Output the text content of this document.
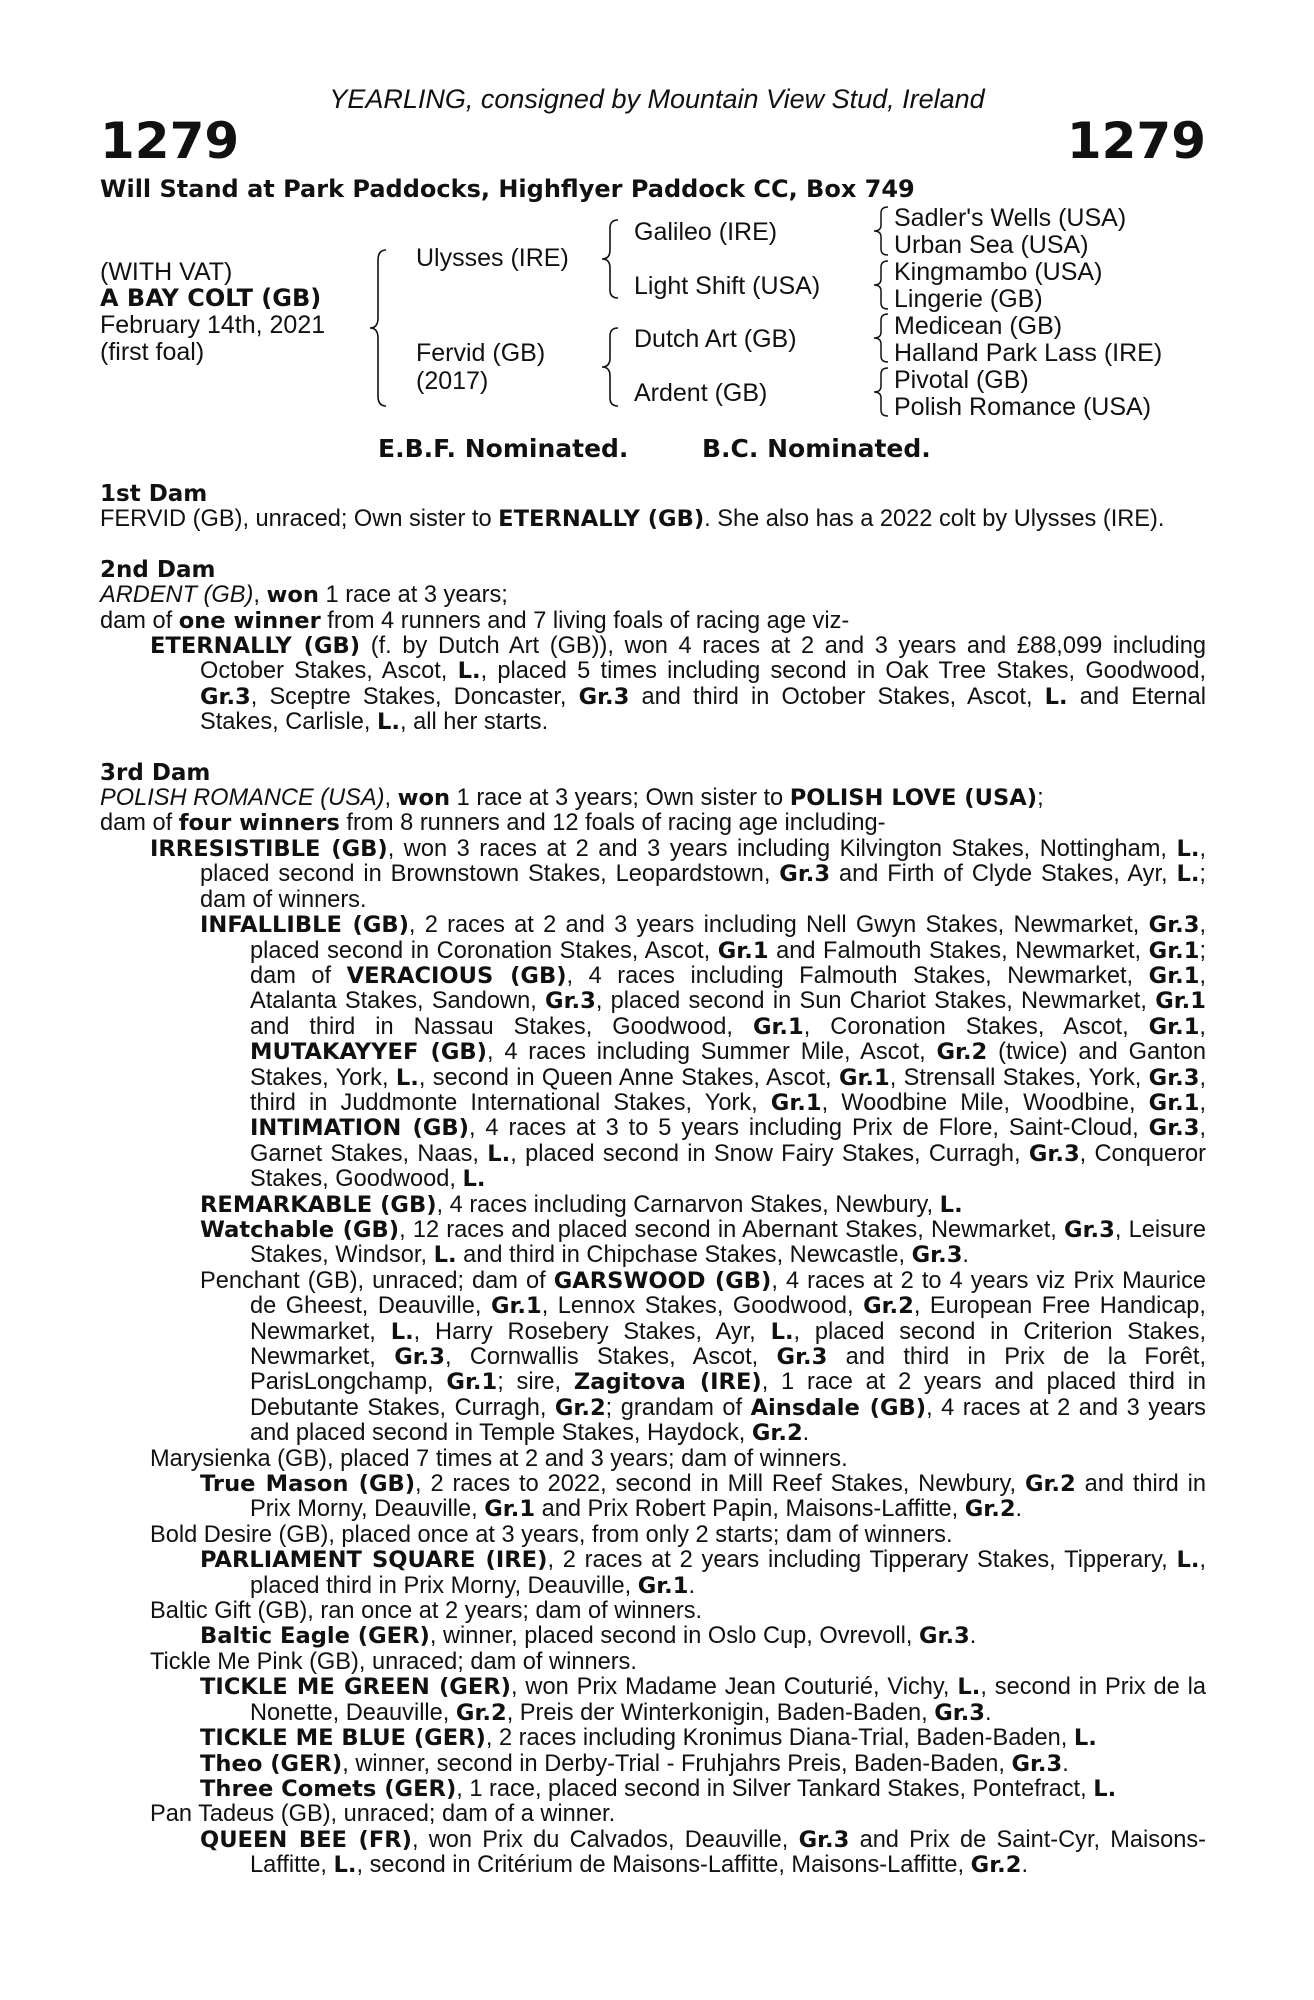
YEARLING, consigned by Mountain View Stud, Ireland
1279	1279
Will Stand at Park Paddocks, Highflyer Paddock CC, Box 749
(WITH VAT)
A BAY COLT (GB)
February 14th, 2021
(first foal)
Ulysses (IRE)
Fervid (GB)
(2017)
Galileo (IRE)
Light Shift (USA)
Dutch Art (GB)
Ardent (GB)
Sadler's Wells (USA)
Urban Sea (USA)
Kingmambo (USA)
Lingerie (GB)
Medicean (GB)
Halland Park Lass (IRE)
Pivotal (GB)
Polish Romance (USA)
E.B.F. Nominated.	B.C. Nominated.

1st Dam

FERVID (GB), unraced; Own sister to ETERNALLY (GB). She also has a 2022 colt by Ulysses (IRE).

2nd Dam

ARDENT (GB), won 1 race at 3 years;

dam of one winner from 4 runners and 7 living foals of racing age viz-

ETERNALLY (GB) (f. by Dutch Art (GB)), won 4 races at 2 and 3 years and £88,099 including October Stakes, Ascot, L., placed 5 times including second in Oak Tree Stakes, Goodwood, Gr.3, Sceptre Stakes, Doncaster, Gr.3 and third in October Stakes, Ascot, L. and Eternal Stakes, Carlisle, L., all her starts.

3rd Dam

POLISH ROMANCE (USA), won 1 race at 3 years; Own sister to POLISH LOVE (USA);

dam of four winners from 8 runners and 12 foals of racing age including-

IRRESISTIBLE (GB), won 3 races at 2 and 3 years including Kilvington Stakes, Nottingham, L., placed second in Brownstown Stakes, Leopardstown, Gr.3 and Firth of Clyde Stakes, Ayr, L.; dam of winners.

INFALLIBLE (GB), 2 races at 2 and 3 years including Nell Gwyn Stakes, Newmarket, Gr.3, placed second in Coronation Stakes, Ascot, Gr.1 and Falmouth Stakes, Newmarket, Gr.1; dam of VERACIOUS (GB), 4 races including Falmouth Stakes, Newmarket, Gr.1, Atalanta Stakes, Sandown, Gr.3, placed second in Sun Chariot Stakes, Newmarket, Gr.1 and third in Nassau Stakes, Goodwood, Gr.1, Coronation Stakes, Ascot, Gr.1, MUTAKAYYEF (GB), 4 races including Summer Mile, Ascot, Gr.2 (twice) and Ganton Stakes, York, L., second in Queen Anne Stakes, Ascot, Gr.1, Strensall Stakes, York, Gr.3, third in Juddmonte International Stakes, York, Gr.1, Woodbine Mile, Woodbine, Gr.1, INTIMATION (GB), 4 races at 3 to 5 years including Prix de Flore, Saint-Cloud, Gr.3, Garnet Stakes, Naas, L., placed second in Snow Fairy Stakes, Curragh, Gr.3, Conqueror Stakes, Goodwood, L.

REMARKABLE (GB), 4 races including Carnarvon Stakes, Newbury, L.

Watchable (GB), 12 races and placed second in Abernant Stakes, Newmarket, Gr.3, Leisure Stakes, Windsor, L. and third in Chipchase Stakes, Newcastle, Gr.3.

Penchant (GB), unraced; dam of GARSWOOD (GB), 4 races at 2 to 4 years viz Prix Maurice de Gheest, Deauville, Gr.1, Lennox Stakes, Goodwood, Gr.2, European Free Handicap, Newmarket, L., Harry Rosebery Stakes, Ayr, L., placed second in Criterion Stakes, Newmarket, Gr.3, Cornwallis Stakes, Ascot, Gr.3 and third in Prix de la Forêt, ParisLongchamp, Gr.1; sire, Zagitova (IRE), 1 race at 2 years and placed third in Debutante Stakes, Curragh, Gr.2; grandam of Ainsdale (GB), 4 races at 2 and 3 years and placed second in Temple Stakes, Haydock, Gr.2.

Marysienka (GB), placed 7 times at 2 and 3 years; dam of winners.

True Mason (GB), 2 races to 2022, second in Mill Reef Stakes, Newbury, Gr.2 and third in Prix Morny, Deauville, Gr.1 and Prix Robert Papin, Maisons-Laffitte, Gr.2.

Bold Desire (GB), placed once at 3 years, from only 2 starts; dam of winners.

PARLIAMENT SQUARE (IRE), 2 races at 2 years including Tipperary Stakes, Tipperary, L., placed third in Prix Morny, Deauville, Gr.1.

Baltic Gift (GB), ran once at 2 years; dam of winners.

Baltic Eagle (GER), winner, placed second in Oslo Cup, Ovrevoll, Gr.3.

Tickle Me Pink (GB), unraced; dam of winners.

TICKLE ME GREEN (GER), won Prix Madame Jean Couturié, Vichy, L., second in Prix de la Nonette, Deauville, Gr.2, Preis der Winterkonigin, Baden-Baden, Gr.3.

TICKLE ME BLUE (GER), 2 races including Kronimus Diana-Trial, Baden-Baden, L.

Theo (GER), winner, second in Derby-Trial - Fruhjahrs Preis, Baden-Baden, Gr.3.

Three Comets (GER), 1 race, placed second in Silver Tankard Stakes, Pontefract, L.

Pan Tadeus (GB), unraced; dam of a winner.

QUEEN BEE (FR), won Prix du Calvados, Deauville, Gr.3 and Prix de Saint-Cyr, Maisons-Laffitte, L., second in Critérium de Maisons-Laffitte, Maisons-Laffitte, Gr.2.
